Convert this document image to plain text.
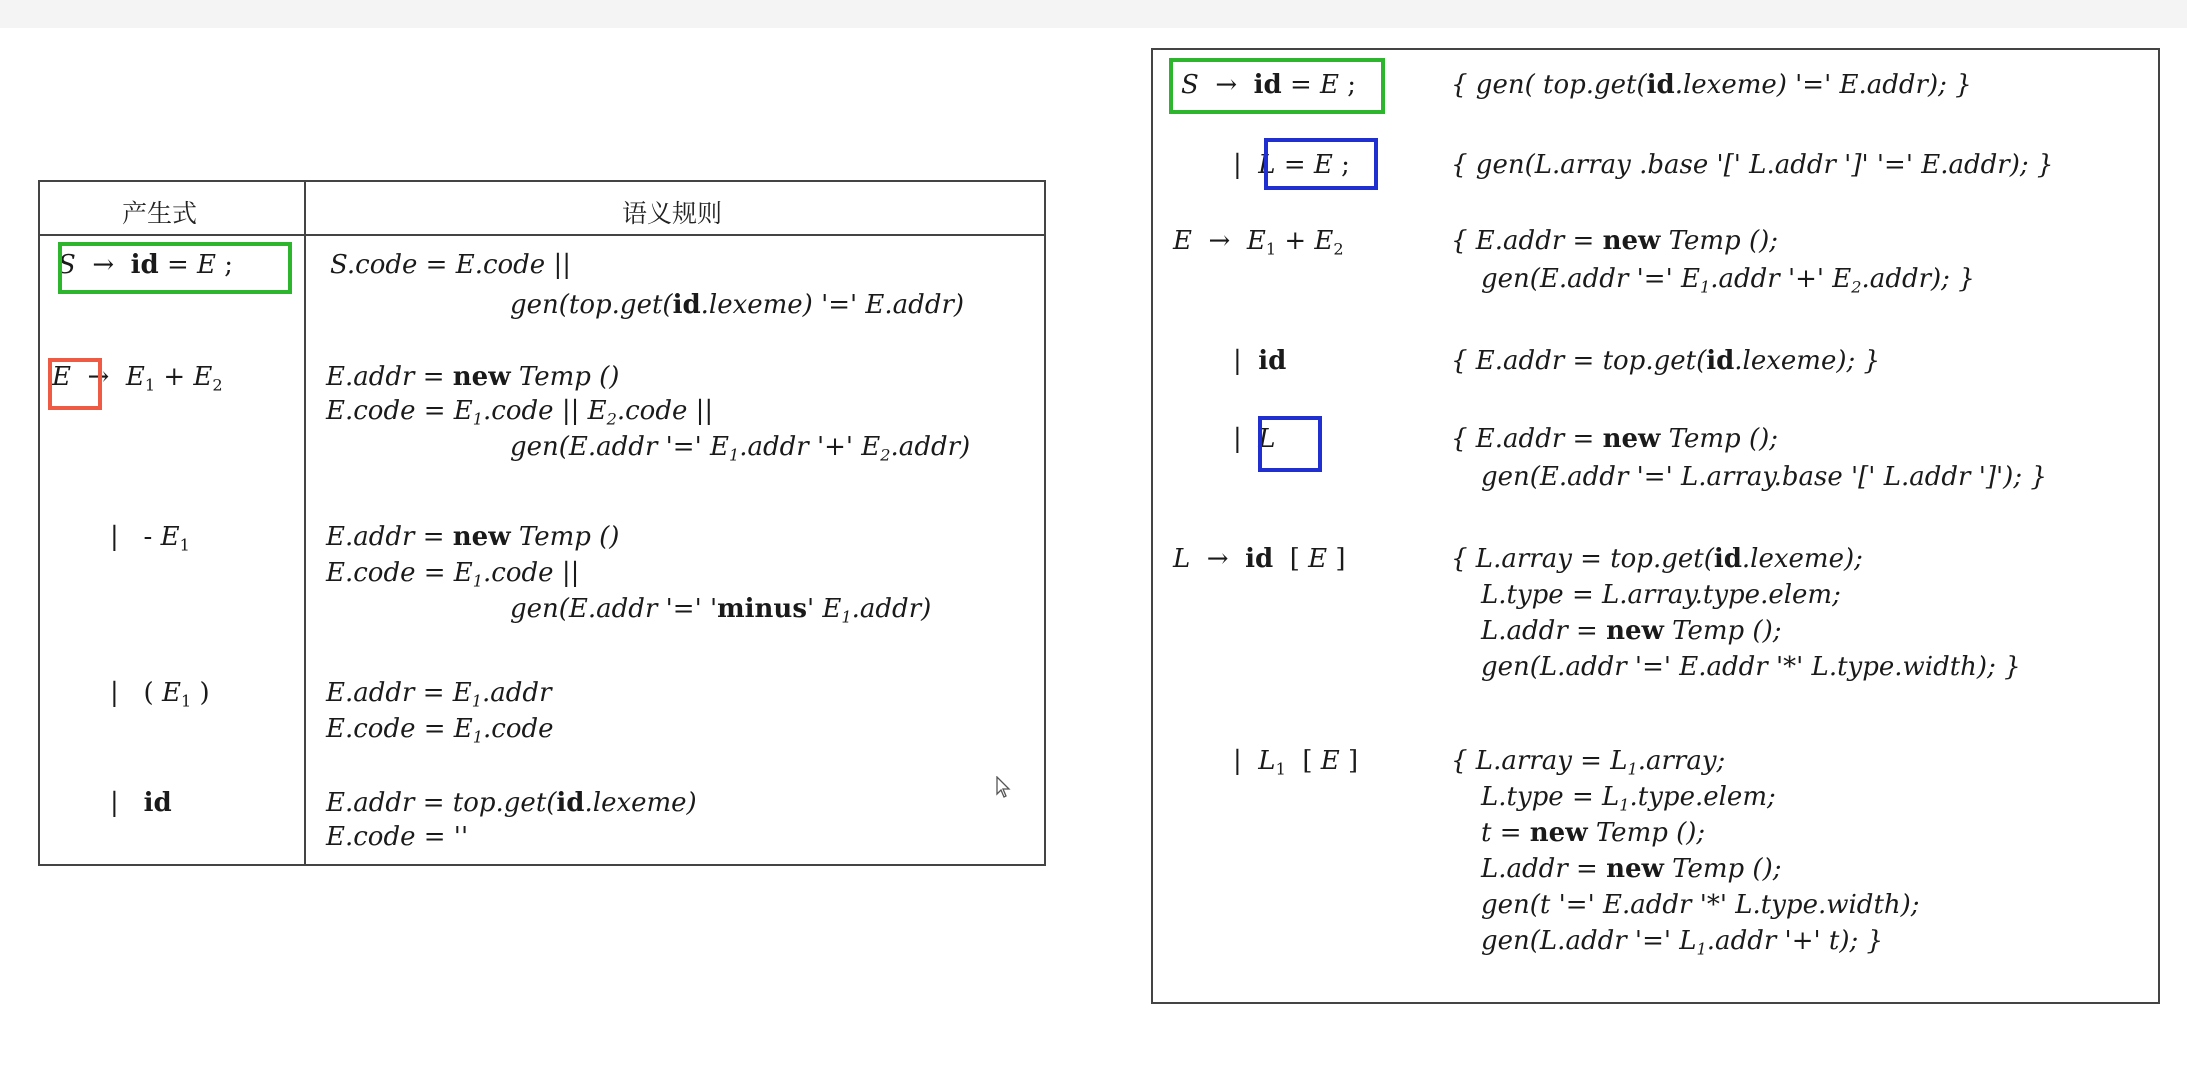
产生式	语义规则
S  →  id = E ;	S.code = E.code ||
gen(top.get(id.lexeme) '=' E.addr)
$E \to E_1 + E_2$	E.addr = new Temp ()
E.code = $E_1.code$ || $E_2.code$ ||
gen(E.addr '=' $E_1.addr$ '+' $E_2.addr$)
|   - $E_1$	E.addr = new Temp ()
E.code = $E_1.code$ ||
gen(E.addr '=' 'minus' $E_1.addr$)
|   ( $E_1$ )	E.addr = $E_1.addr$
E.code = $E_1.code$
|   id	E.addr = top.get(id.lexeme)
E.code = ''
S  →  id = E ;	{ gen( top.get(id.lexeme) '=' E.addr); }
|  L = E ;	{ gen(L.array .base '[' L.addr ']' '=' E.addr); }
$E \to E_1 + E_2$	{ E.addr = new Temp ();
gen(E.addr '=' $E_1.addr$ '+' $E_2.addr$); }
|  id	{ E.addr = top.get(id.lexeme); }
|  L	{ E.addr = new Temp ();
gen(E.addr '=' L.array.base '[' L.addr ']'); }
L  →  id  [ E ]	{ L.array = top.get(id.lexeme);
L.type = L.array.type.elem;
L.addr = new Temp ();
gen(L.addr '=' E.addr '*' L.type.width); }
|  $L_1$  [ E ]	{ L.array = $L_1.array$;
L.type = $L_1.type.elem$;
t = new Temp ();
L.addr = new Temp ();
gen(t '=' E.addr '*' L.type.width);
gen(L.addr '=' $L_1.addr$ '+' t); }
